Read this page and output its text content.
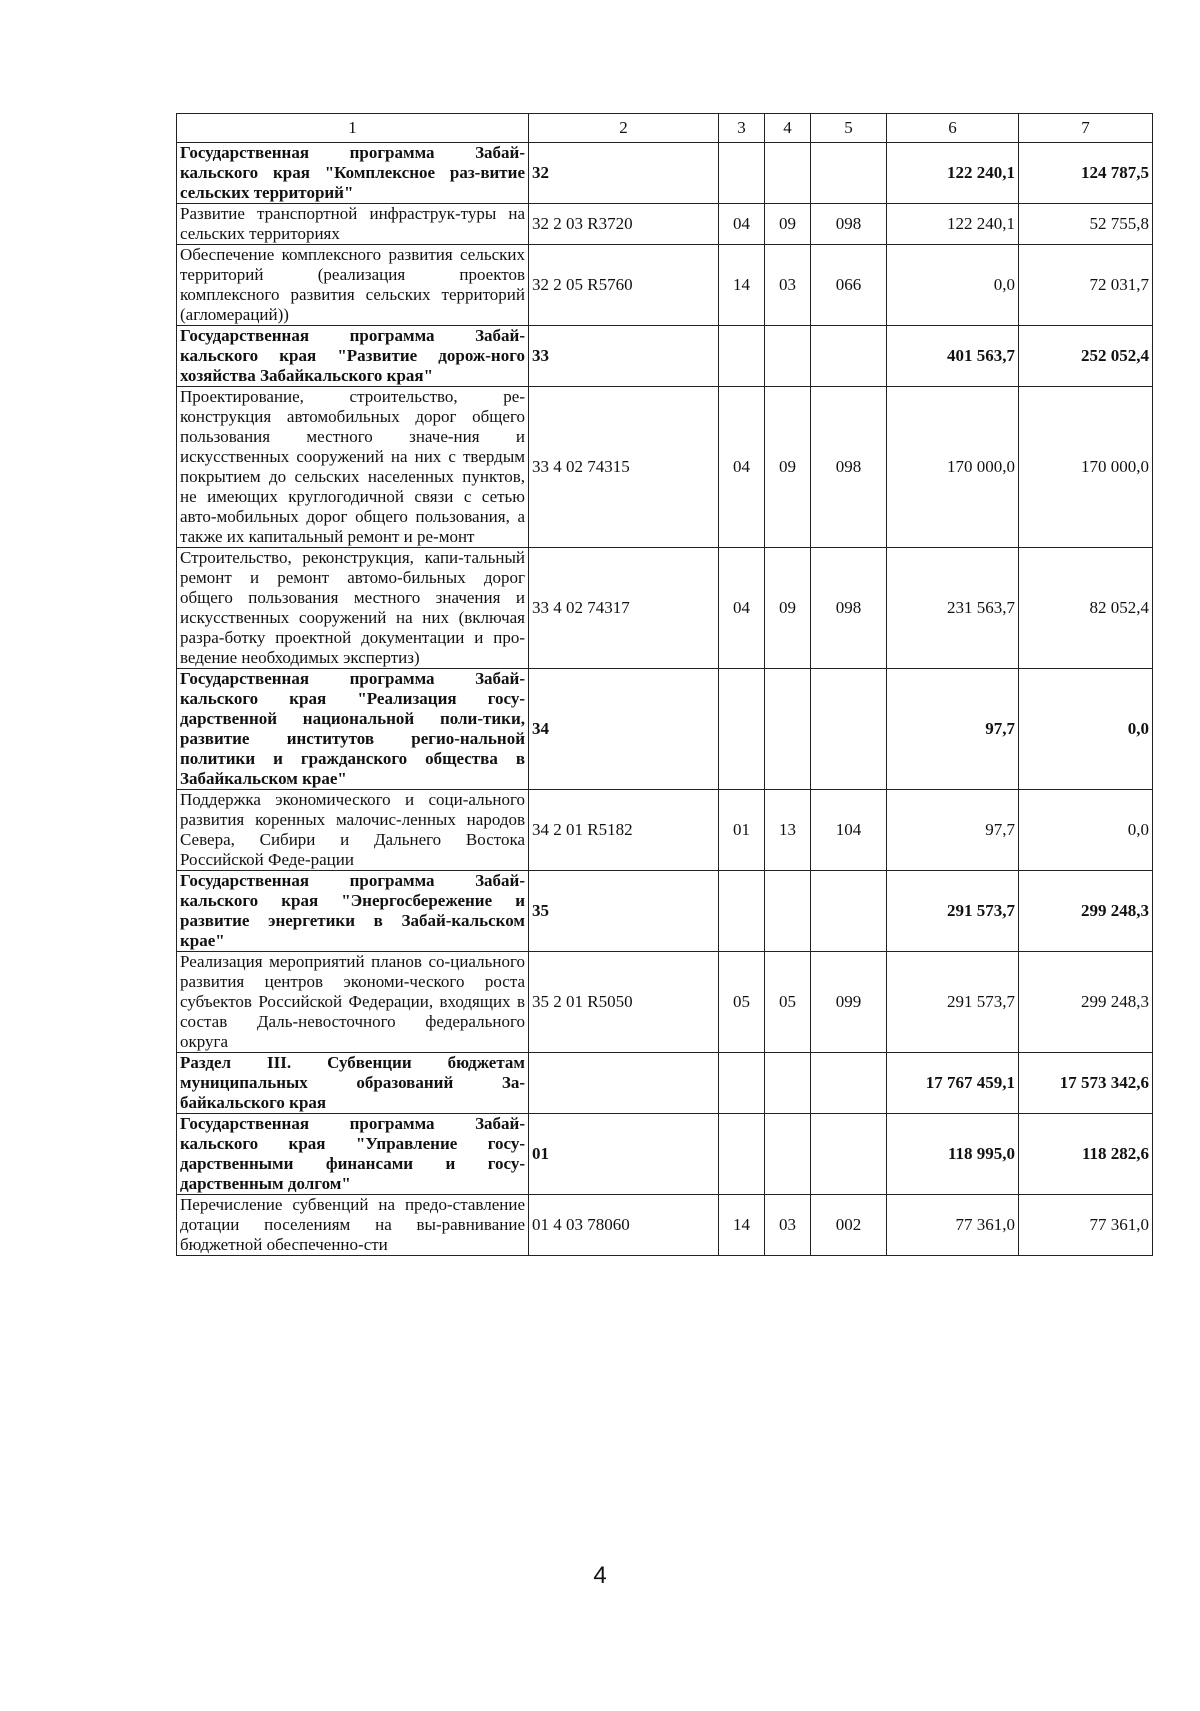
1	2	3	4	5	6	7
Государственная программа Забай-кальского края "Комплексное раз-витие сельских территорий"	32				122 240,1	124 787,5
Развитие транспортной инфраструк-туры на сельских территориях	32 2 03 R3720	04	09	098	122 240,1	52 755,8
Обеспечение комплексного развития сельских территорий (реализация проектов комплексного развития сельских территорий (агломераций))	32 2 05 R5760	14	03	066	0,0	72 031,7
Государственная программа Забай-кальского края "Развитие дорож-ного хозяйства Забайкальского края"	33				401 563,7	252 052,4
Проектирование, строительство, ре-конструкция автомобильных дорог общего пользования местного значе-ния и искусственных сооружений на них с твердым покрытием до сельских населенных пунктов, не имеющих круглогодичной связи с сетью авто-мобильных дорог общего пользования, а также их капитальный ремонт и ре-монт	33 4 02 74315	04	09	098	170 000,0	170 000,0
Строительство, реконструкция, капи-тальный ремонт и ремонт автомо-бильных дорог общего пользования местного значения и искусственных сооружений на них (включая разра-ботку проектной документации и про-ведение необходимых экспертиз)	33 4 02 74317	04	09	098	231 563,7	82 052,4
Государственная программа Забай-кальского края "Реализация госу-дарственной национальной поли-тики, развитие институтов регио-нальной политики и гражданского общества в Забайкальском крае"	34				97,7	0,0
Поддержка экономического и соци-ального развития коренных малочис-ленных народов Севера, Сибири и Дальнего Востока Российской Феде-рации	34 2 01 R5182	01	13	104	97,7	0,0
Государственная программа Забай-кальского края "Энергосбережение и развитие энергетики в Забай-кальском крае"	35				291 573,7	299 248,3
Реализация мероприятий планов со-циального развития центров экономи-ческого роста субъектов Российской Федерации, входящих в состав Даль-невосточного федерального округа	35 2 01 R5050	05	05	099	291 573,7	299 248,3
Раздел III. Субвенции бюджетам муниципальных образований За-байкальского края					17 767 459,1	17 573 342,6
Государственная программа Забай-кальского края "Управление госу-дарственными финансами и госу-дарственным долгом"	01				118 995,0	118 282,6
Перечисление субвенций на предо-ставление дотации поселениям на вы-равнивание бюджетной обеспеченно-сти	01 4 03 78060	14	03	002	77 361,0	77 361,0
4
